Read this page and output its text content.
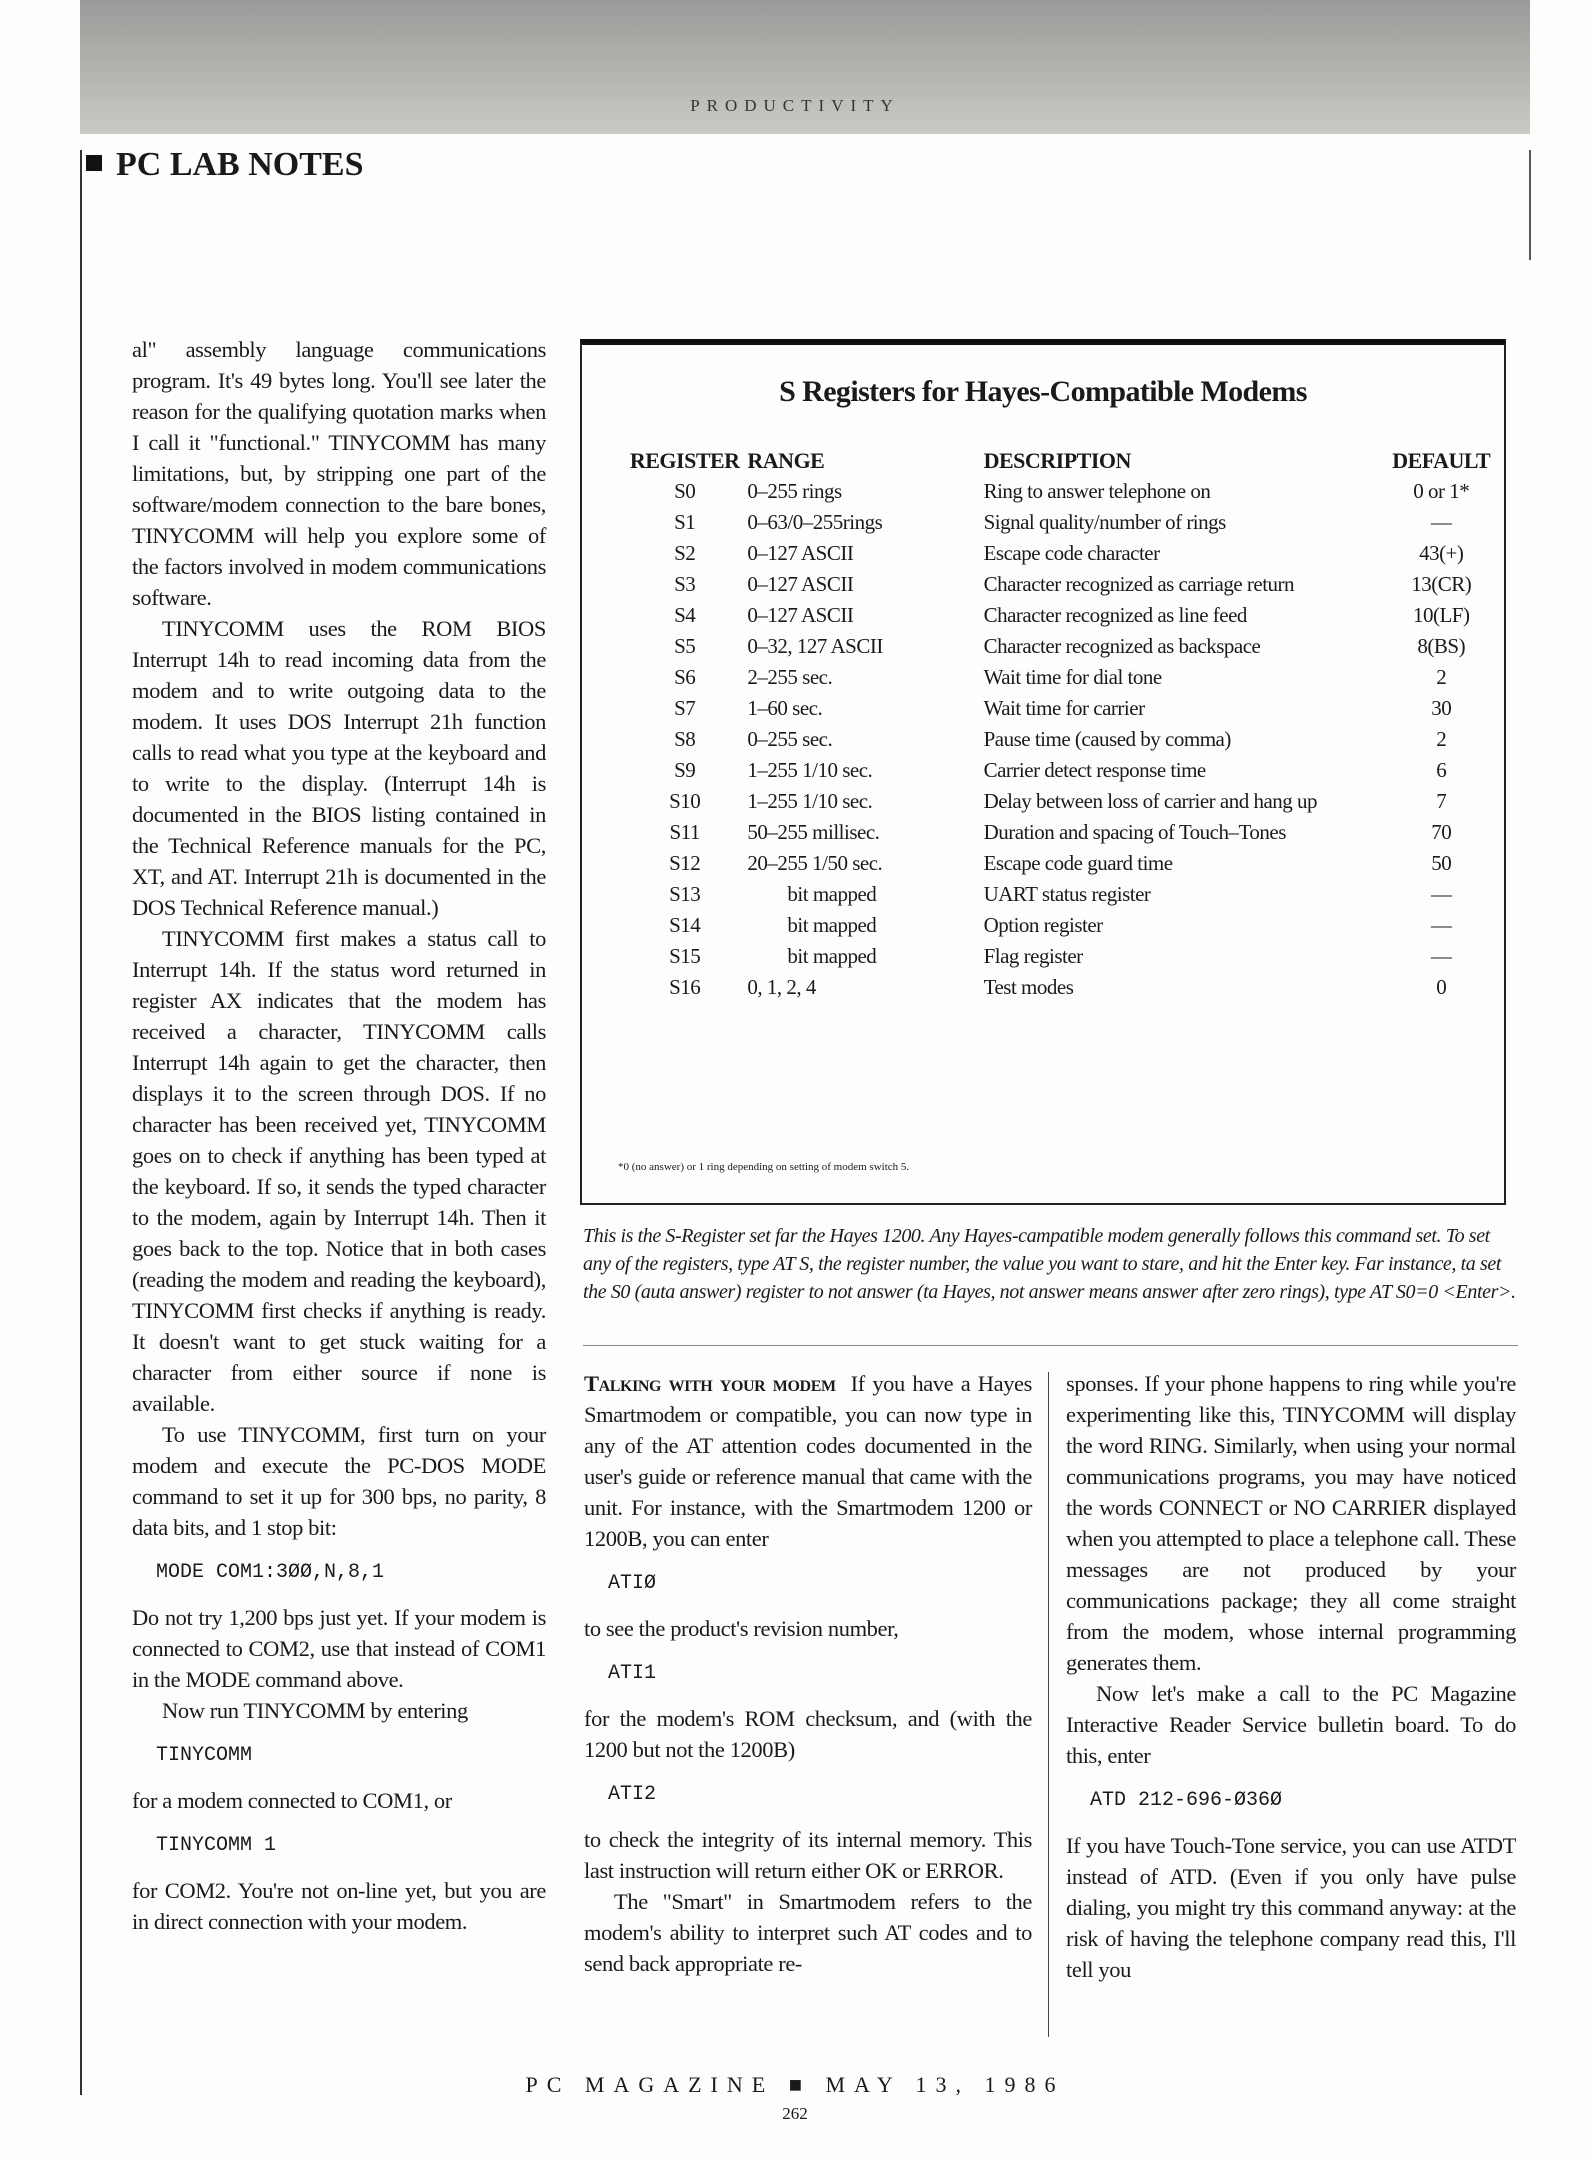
PRODUCTIVITY
PC LAB NOTES

al" assembly language communications program. It's 49 bytes long. You'll see later the reason for the qualifying quotation marks when I call it "functional." TINYCOMM has many limitations, but, by stripping one part of the software/modem connection to the bare bones, TINYCOMM will help you explore some of the factors involved in modem communications software.

TINYCOMM uses the ROM BIOS Interrupt 14h to read incoming data from the modem and to write outgoing data to the modem. It uses DOS Interrupt 21h function calls to read what you type at the keyboard and to write to the display. (Interrupt 14h is documented in the BIOS listing contained in the Technical Reference manuals for the PC, XT, and AT. Interrupt 21h is documented in the DOS Technical Reference manual.)

TINYCOMM first makes a status call to Interrupt 14h. If the status word returned in register AX indicates that the modem has received a character, TINYCOMM calls Interrupt 14h again to get the character, then displays it to the screen through DOS. If no character has been received yet, TINYCOMM goes on to check if anything has been typed at the keyboard. If so, it sends the typed character to the modem, again by Interrupt 14h. Then it goes back to the top. Notice that in both cases (reading the modem and reading the keyboard), TINYCOMM first checks if anything is ready. It doesn't want to get stuck waiting for a character from either source if none is available.

To use TINYCOMM, first turn on your modem and execute the PC-DOS MODE command to set it up for 300 bps, no parity, 8 data bits, and 1 stop bit:

MODE COM1:3ØØ,N,8,1

Do not try 1,200 bps just yet. If your modem is connected to COM2, use that instead of COM1 in the MODE command above.

Now run TINYCOMM by entering

TINYCOMM

for a modem connected to COM1, or

TINYCOMM 1

for COM2. You're not on-line yet, but you are in direct connection with your modem.

S Registers for Hayes-Compatible Modems
REGISTER	RANGE	DESCRIPTION	DEFAULT
S0	0–255 rings	Ring to answer telephone on	0 or 1*
S1	0–63/0–255rings	Signal quality/number of rings	—
S2	0–127 ASCII	Escape code character	43(+)
S3	0–127 ASCII	Character recognized as carriage return	13(CR)
S4	0–127 ASCII	Character recognized as line feed	10(LF)
S5	0–32, 127 ASCII	Character recognized as backspace	8(BS)
S6	2–255 sec.	Wait time for dial tone	2
S7	1–60 sec.	Wait time for carrier	30
S8	0–255 sec.	Pause time (caused by comma)	2
S9	1–255 1/10 sec.	Carrier detect response time	6
S10	1–255 1/10 sec.	Delay between loss of carrier and hang up	7
S11	50–255 millisec.	Duration and spacing of Touch–Tones	70
S12	20–255 1/50 sec.	Escape code guard time	50
S13	bit mapped	UART status register	—
S14	bit mapped	Option register	—
S15	bit mapped	Flag register	—
S16	0, 1, 2, 4	Test modes	0
*0 (no answer) or 1 ring depending on setting of modem switch 5.
This is the S-Register set far the Hayes 1200. Any Hayes-campatible modem generally follows this command set. To set any of the registers, type AT S, the register number, the value you want to stare, and hit the Enter key. Far instance, ta set the S0 (auta answer) register to not answer (ta Hayes, not answer means answer after zero rings), type AT S0=0 <Enter>.

Talking with your modem If you have a Hayes Smartmodem or compatible, you can now type in any of the AT attention codes documented in the user's guide or reference manual that came with the unit. For instance, with the Smartmodem 1200 or 1200B, you can enter

ATIØ

to see the product's revision number,

ATI1

for the modem's ROM checksum, and (with the 1200 but not the 1200B)

ATI2

to check the integrity of its internal memory. This last instruction will return either OK or ERROR.

The "Smart" in Smartmodem refers to the modem's ability to interpret such AT codes and to send back appropriate re-

sponses. If your phone happens to ring while you're experimenting like this, TINYCOMM will display the word RING. Similarly, when using your normal communications programs, you may have noticed the words CONNECT or NO CARRIER displayed when you attempted to place a telephone call. These messages are not produced by your communications package; they all come straight from the modem, whose internal programming generates them.

Now let's make a call to the PC Magazine Interactive Reader Service bulletin board. To do this, enter

ATD 212-696-Ø36Ø

If you have Touch-Tone service, you can use ATDT instead of ATD. (Even if you only have pulse dialing, you might try this command anyway: at the risk of having the telephone company read this, I'll tell you

PC MAGAZINE ■ MAY 13, 1986
262
